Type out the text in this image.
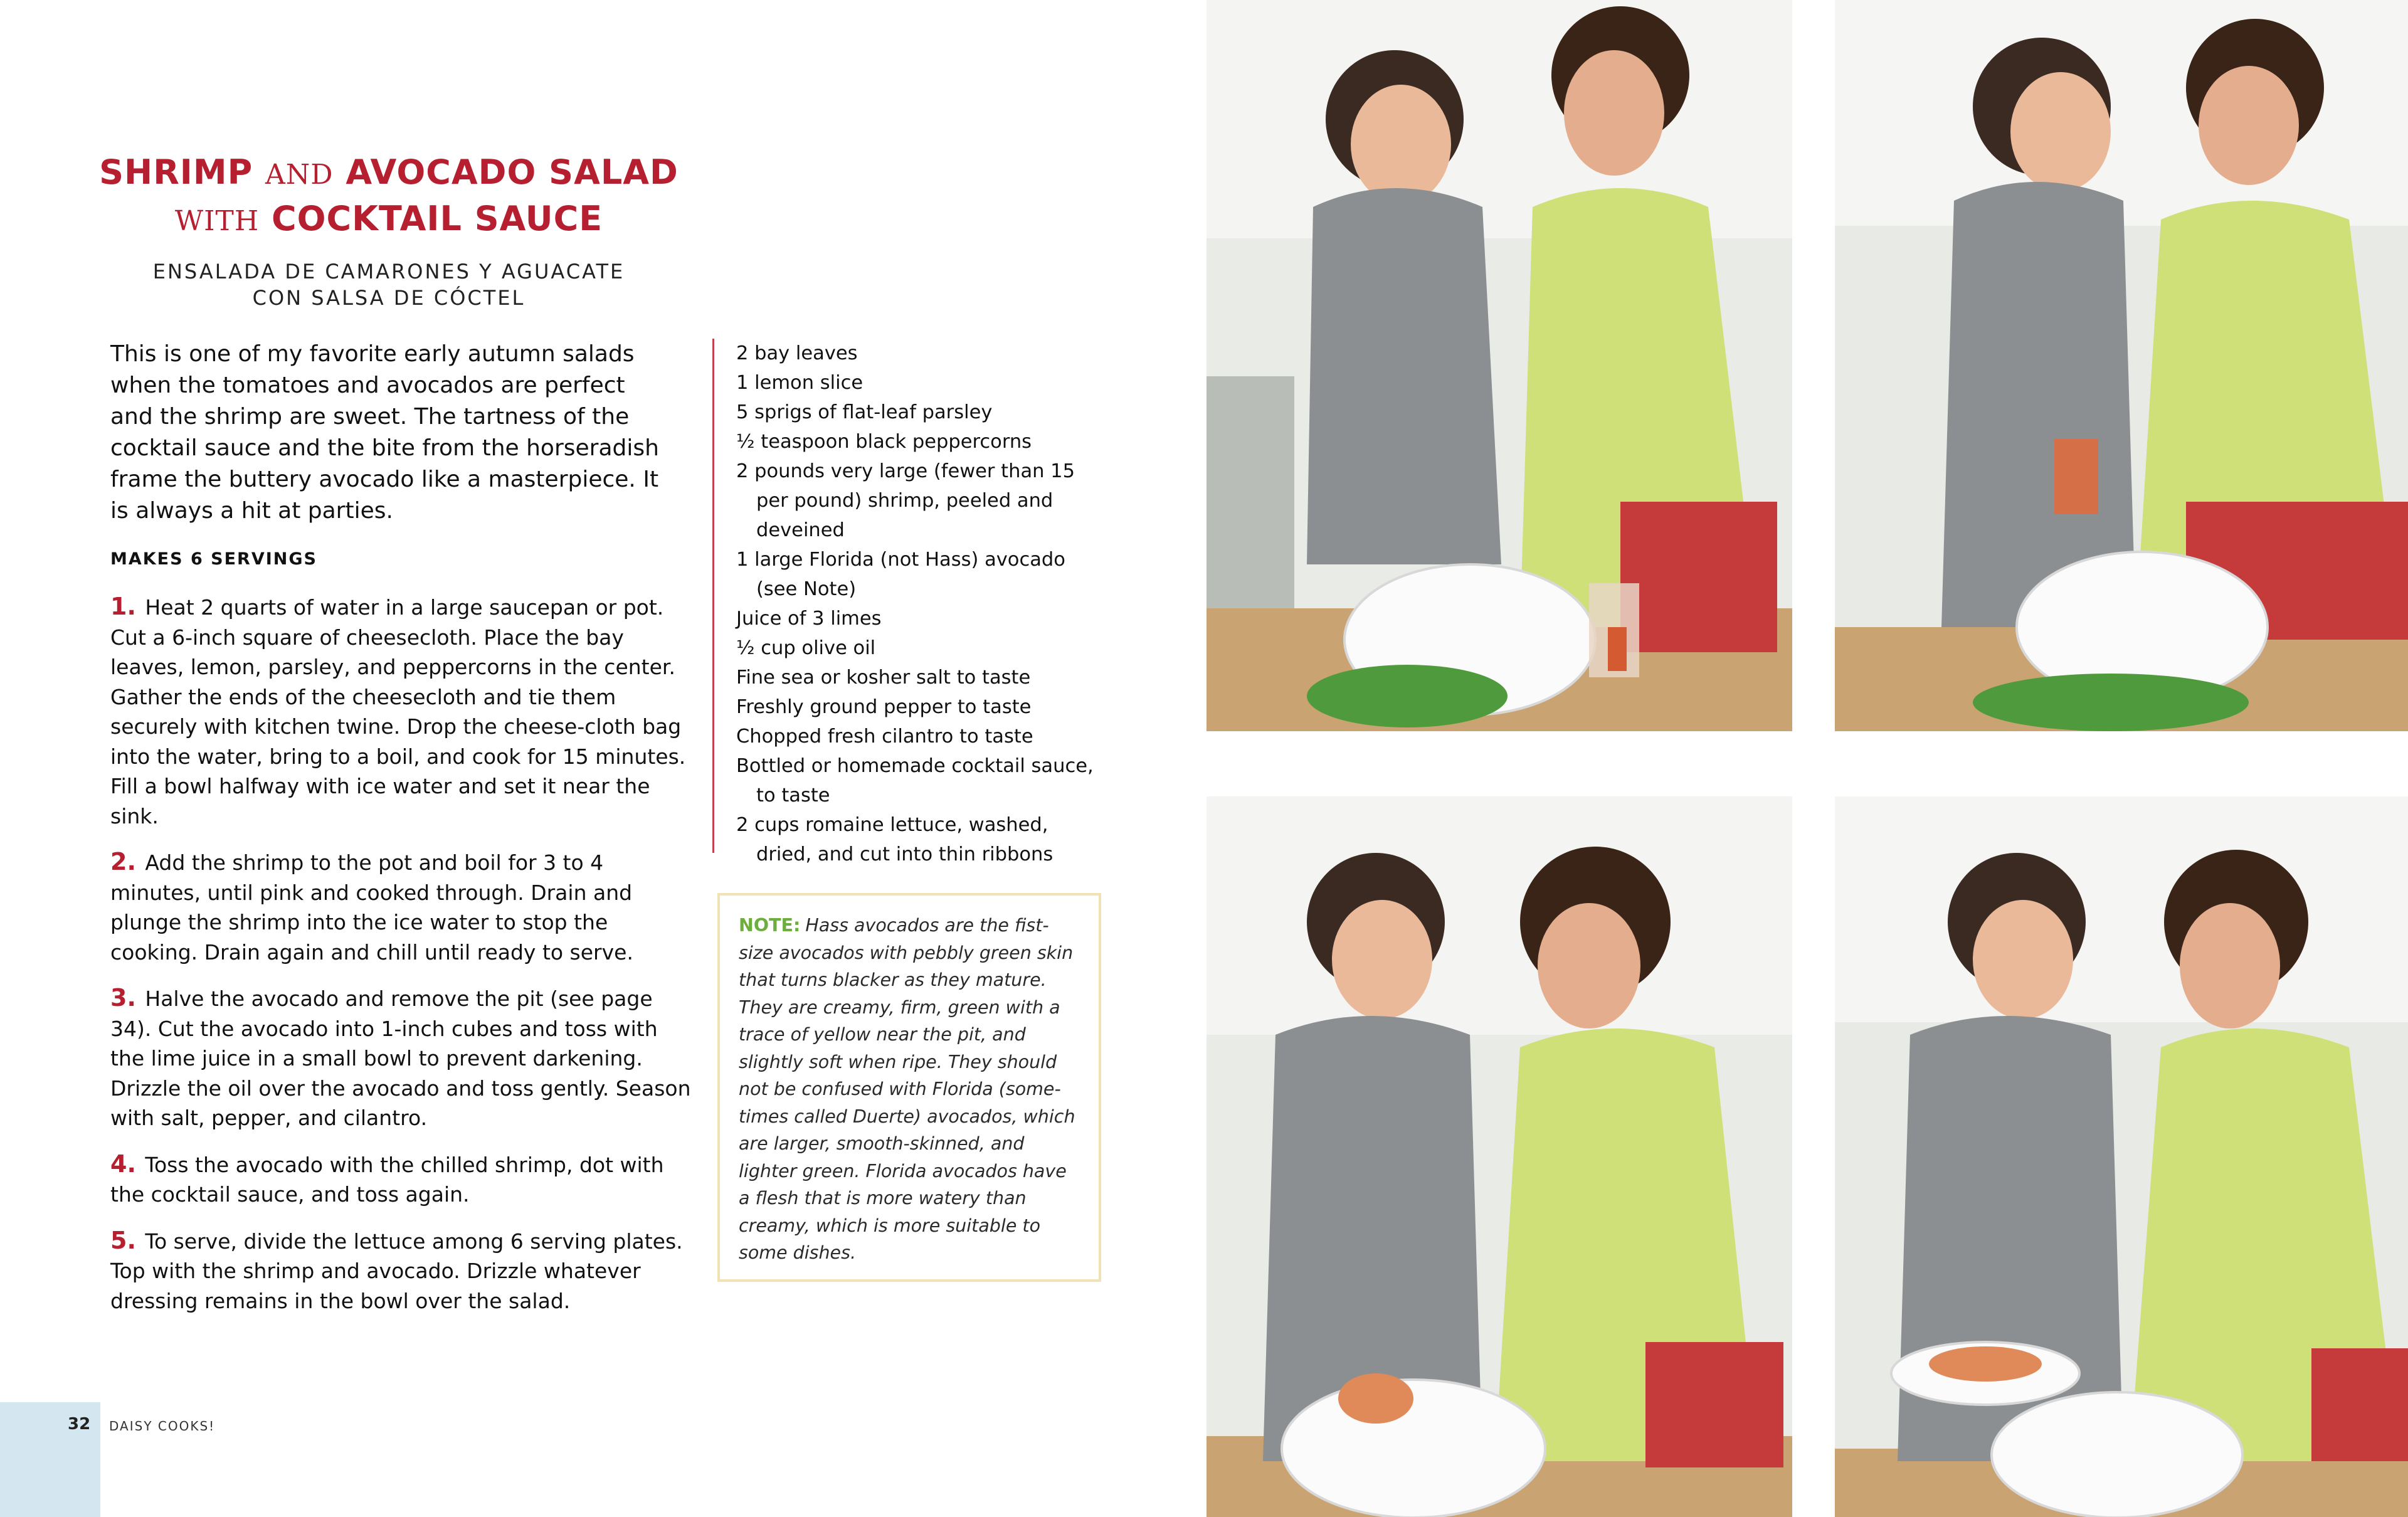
SHRIMP AND AVOCADO SALAD
WITH COCKTAIL SAUCE
ENSALADA DE CAMARONES Y AGUACATE
CON SALSA DE CÓCTEL

This is one of my favorite early autumn salads when the tomatoes and avocados are perfect and the shrimp are sweet. The tartness of the cocktail sauce and the bite from the horseradish frame the buttery avocado like a masterpiece. It is always a hit at parties.

MAKES 6 SERVINGS

1. Heat 2 quarts of water in a large saucepan or pot. Cut a 6-inch square of cheesecloth. Place the bay leaves, lemon, parsley, and peppercorns in the center. Gather the ends of the cheesecloth and tie them securely with kitchen twine. Drop the cheese-cloth bag into the water, bring to a boil, and cook for 15 minutes. Fill a bowl halfway with ice water and set it near the sink.

2. Add the shrimp to the pot and boil for 3 to 4 minutes, until pink and cooked through. Drain and plunge the shrimp into the ice water to stop the cooking. Drain again and chill until ready to serve.

3. Halve the avocado and remove the pit (see page 34). Cut the avocado into 1-inch cubes and toss with the lime juice in a small bowl to prevent darkening. Drizzle the oil over the avocado and toss gently. Season with salt, pepper, and cilantro.

4. Toss the avocado with the chilled shrimp, dot with the cocktail sauce, and toss again.

5. To serve, divide the lettuce among 6 serving plates. Top with the shrimp and avocado. Drizzle whatever dressing remains in the bowl over the salad.

2 bay leaves
1 lemon slice
5 sprigs of flat-leaf parsley
½ teaspoon black peppercorns
2 pounds very large (fewer than 15 per pound) shrimp, peeled and deveined
1 large Florida (not Hass) avocado (see Note)
Juice of 3 limes
½ cup olive oil
Fine sea or kosher salt to taste
Freshly ground pepper to taste
Chopped fresh cilantro to taste
Bottled or homemade cocktail sauce, to taste
2 cups romaine lettuce, washed, dried, and cut into thin ribbons
NOTE: Hass avocados are the fist-size avocados with pebbly green skin that turns blacker as they mature. They are creamy, firm, green with a trace of yellow near the pit, and slightly soft when ripe. They should not be confused with Florida (some-times called Duerte) avocados, which are larger, smooth-skinned, and lighter green. Florida avocados have a flesh that is more watery than creamy, which is more suitable to some dishes.
32 DAISY COOKS!
